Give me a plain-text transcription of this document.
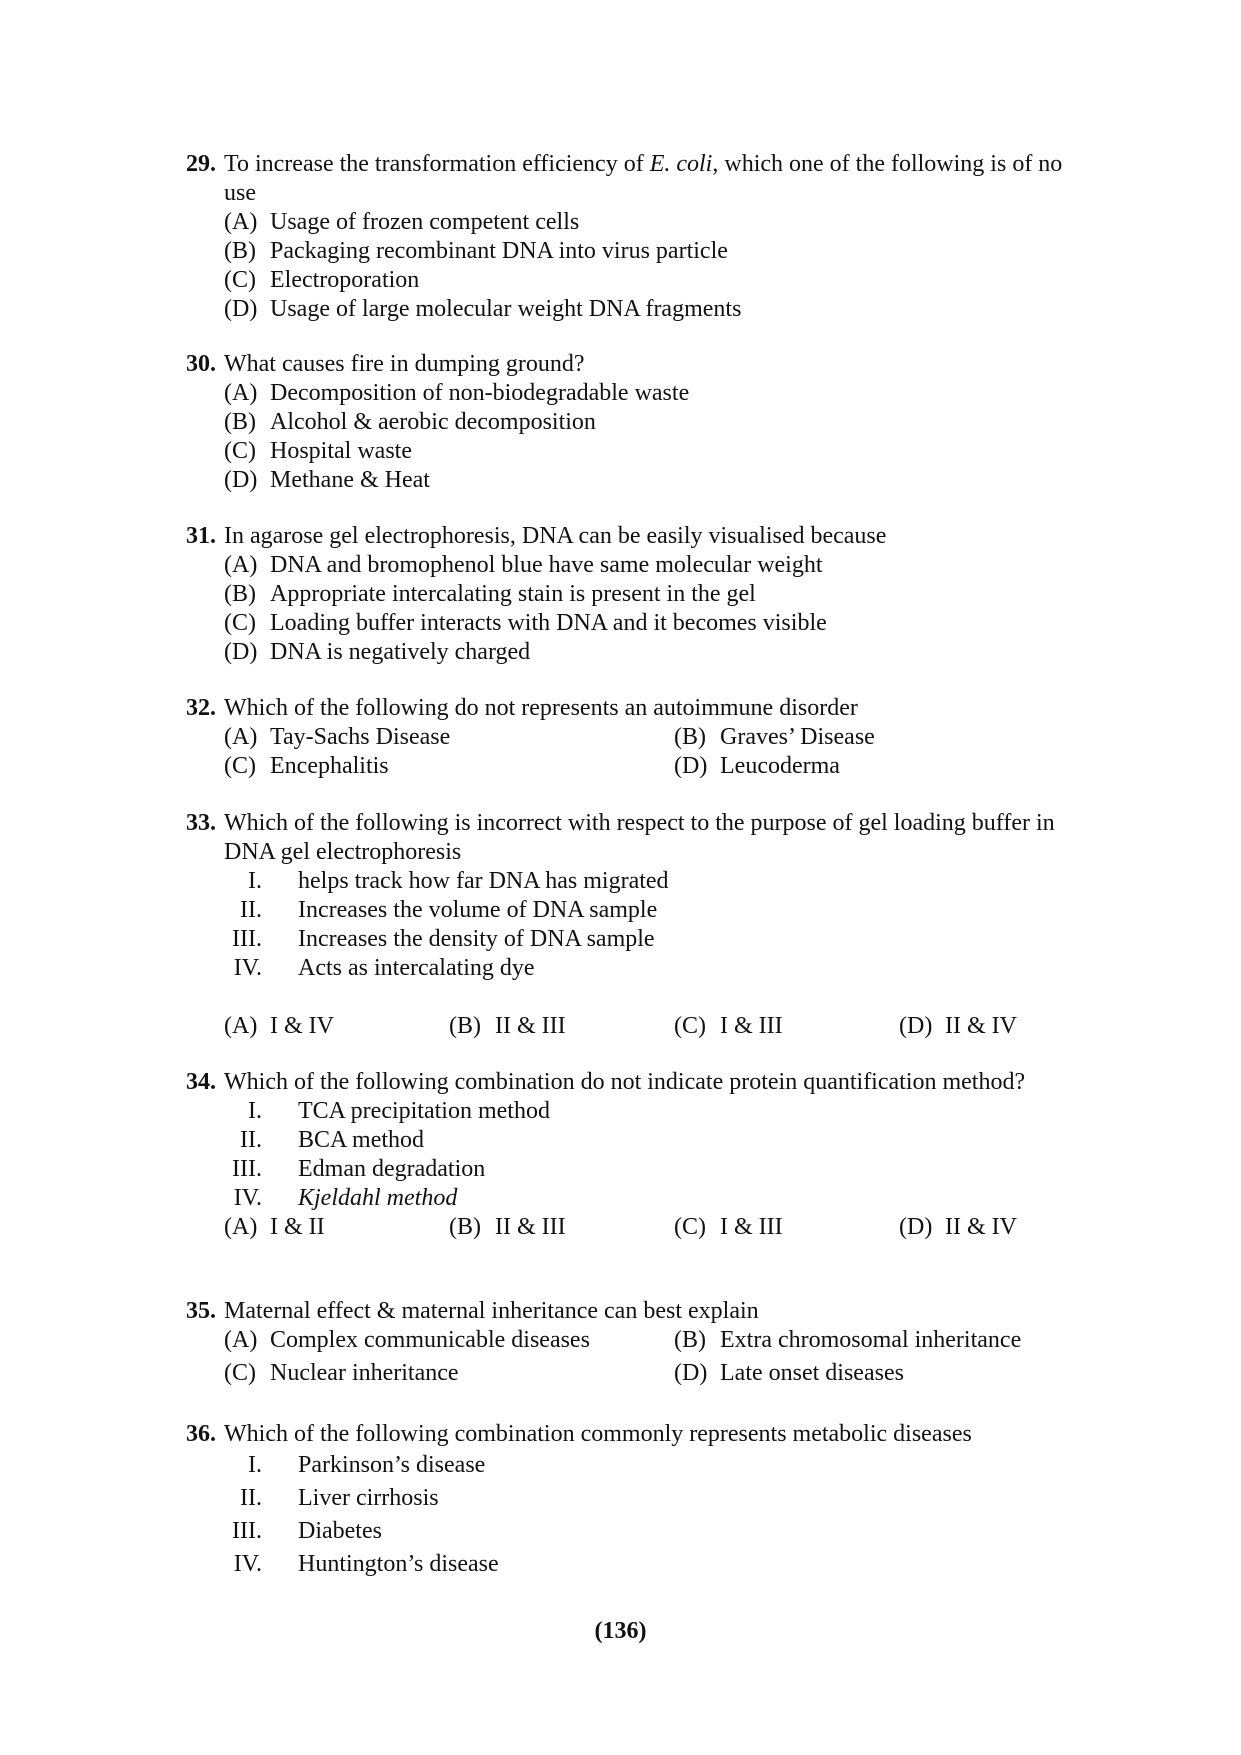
29. To increase the transformation efficiency of E. coli, which one of the following is of no use
(A) Usage of frozen competent cells
(B) Packaging recombinant DNA into virus particle
(C) Electroporation
(D) Usage of large molecular weight DNA fragments
30. What causes fire in dumping ground?
(A) Decomposition of non-biodegradable waste
(B) Alcohol & aerobic decomposition
(C) Hospital waste
(D) Methane & Heat
31. In agarose gel electrophoresis, DNA can be easily visualised because
(A) DNA and bromophenol blue have same molecular weight
(B) Appropriate intercalating stain is present in the gel
(C) Loading buffer interacts with DNA and it becomes visible
(D) DNA is negatively charged
32. Which of the following do not represents an autoimmune disorder
(A) Tay-Sachs Disease	(B) Graves’ Disease
(C) Encephalitis	(D) Leucoderma
33. Which of the following is incorrect with respect to the purpose of gel loading buffer in DNA gel electrophoresis
I. helps track how far DNA has migrated
II. Increases the volume of DNA sample
III. Increases the density of DNA sample
IV. Acts as intercalating dye
(A) I & IV	(B) II & III	(C) I & III	(D) II & IV
34. Which of the following combination do not indicate protein quantification method?
I. TCA precipitation method
II. BCA method
III. Edman degradation
IV. Kjeldahl method
(A) I & II	(B) II & III	(C) I & III	(D) II & IV
35. Maternal effect & maternal inheritance can best explain
(A) Complex communicable diseases	(B) Extra chromosomal inheritance
(C) Nuclear inheritance	(D) Late onset diseases
36. Which of the following combination commonly represents metabolic diseases
I. Parkinson’s disease
II. Liver cirrhosis
III. Diabetes
IV. Huntington’s disease
(136)
